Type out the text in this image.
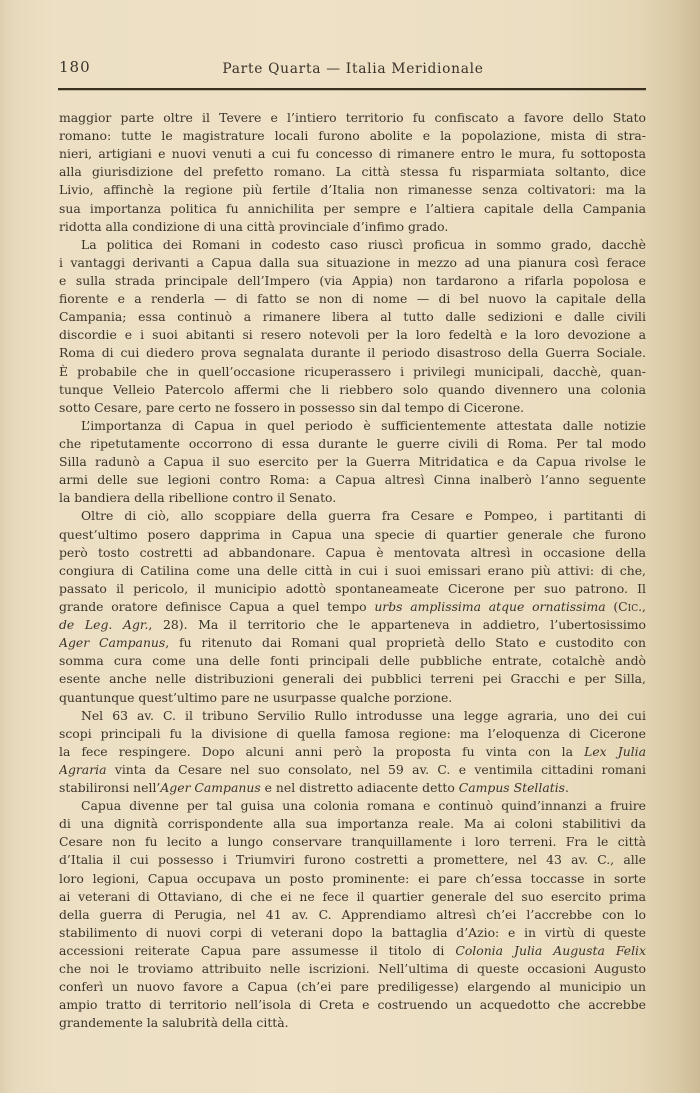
180	Parte Quarta — Italia Meridionale
maggior parte oltre il Tevere e l’intiero territorio fu confiscato a favore dello Stato
romano: tutte le magistrature locali furono abolite e la popolazione, mista di stra-
nieri, artigiani e nuovi venuti a cui fu concesso di rimanere entro le mura, fu sottoposta
alla giurisdizione del prefetto romano. La città stessa fu risparmiata soltanto, dice
Livio, affinchè la regione più fertile d’Italia non rimanesse senza coltivatori: ma la
sua importanza politica fu annichilita per sempre e l’altiera capitale della Campania
ridotta alla condizione di una città provinciale d’infimo grado.
La politica dei Romani in codesto caso riuscì proficua in sommo grado, dacchè
i vantaggi derivanti a Capua dalla sua situazione in mezzo ad una pianura così ferace
e sulla strada principale dell’Impero (via Appia) non tardarono a rifarla popolosa e
fiorente e a renderla — di fatto se non di nome — di bel nuovo la capitale della
Campania; essa continuò a rimanere libera al tutto dalle sedizioni e dalle civili
discordie e i suoi abitanti si resero notevoli per la loro fedeltà e la loro devozione a
Roma di cui diedero prova segnalata durante il periodo disastroso della Guerra Sociale.
È probabile che in quell’occasione ricuperassero i privilegi municipali, dacchè, quan-
tunque Velleio Patercolo affermi che li riebbero solo quando divennero una colonia
sotto Cesare, pare certo ne fossero in possesso sin dal tempo di Cicerone.
L’importanza di Capua in quel periodo è sufficientemente attestata dalle notizie
che ripetutamente occorrono di essa durante le guerre civili di Roma. Per tal modo
Silla radunò a Capua il suo esercito per la Guerra Mitridatica e da Capua rivolse le
armi delle sue legioni contro Roma: a Capua altresì Cinna inalberò l’anno seguente
la bandiera della ribellione contro il Senato.
Oltre di ciò, allo scoppiare della guerra fra Cesare e Pompeo, i partitanti di
quest’ultimo posero dapprima in Capua una specie di quartier generale che furono
però tosto costretti ad abbandonare. Capua è mentovata altresì in occasione della
congiura di Catilina come una delle città in cui i suoi emissari erano più attivi: di che,
passato il pericolo, il municipio adottò spontaneameate Cicerone per suo patrono. Il
grande oratore definisce Capua a quel tempo urbs amplissima atque ornatissima (Cic.,
de Leg. Agr., 28). Ma il territorio che le apparteneva in addietro, l’ubertosissimo
Ager Campanus, fu ritenuto dai Romani qual proprietà dello Stato e custodito con
somma cura come una delle fonti principali delle pubbliche entrate, cotalchè andò
esente anche nelle distribuzioni generali dei pubblici terreni pei Gracchi e per Silla,
quantunque quest’ultimo pare ne usurpasse qualche porzione.
Nel 63 av. C. il tribuno Servilio Rullo introdusse una legge agraria, uno dei cui
scopi principali fu la divisione di quella famosa regione: ma l’eloquenza di Cicerone
la fece respingere. Dopo alcuni anni però la proposta fu vinta con la Lex Julia
Agraria vinta da Cesare nel suo consolato, nel 59 av. C. e ventimila cittadini romani
stabilironsi nell’Ager Campanus e nel distretto adiacente detto Campus Stellatis.
Capua divenne per tal guisa una colonia romana e continuò quind’innanzi a fruire
di una dignità corrispondente alla sua importanza reale. Ma ai coloni stabilitivi da
Cesare non fu lecito a lungo conservare tranquillamente i loro terreni. Fra le città
d’Italia il cui possesso i Triumviri furono costretti a promettere, nel 43 av. C., alle
loro legioni, Capua occupava un posto prominente: ei pare ch’essa toccasse in sorte
ai veterani di Ottaviano, di che ei ne fece il quartier generale del suo esercito prima
della guerra di Perugia, nel 41 av. C. Apprendiamo altresì ch’ei l’accrebbe con lo
stabilimento di nuovi corpi di veterani dopo la battaglia d’Azio: e in virtù di queste
accessioni reiterate Capua pare assumesse il titolo di Colonia Julia Augusta Felix
che noi le troviamo attribuito nelle iscrizioni. Nell’ultima di queste occasioni Augusto
conferì un nuovo favore a Capua (ch’ei pare prediligesse) elargendo al municipio un
ampio tratto di territorio nell’isola di Creta e costruendo un acquedotto che accrebbe
grandemente la salubrità della città.
